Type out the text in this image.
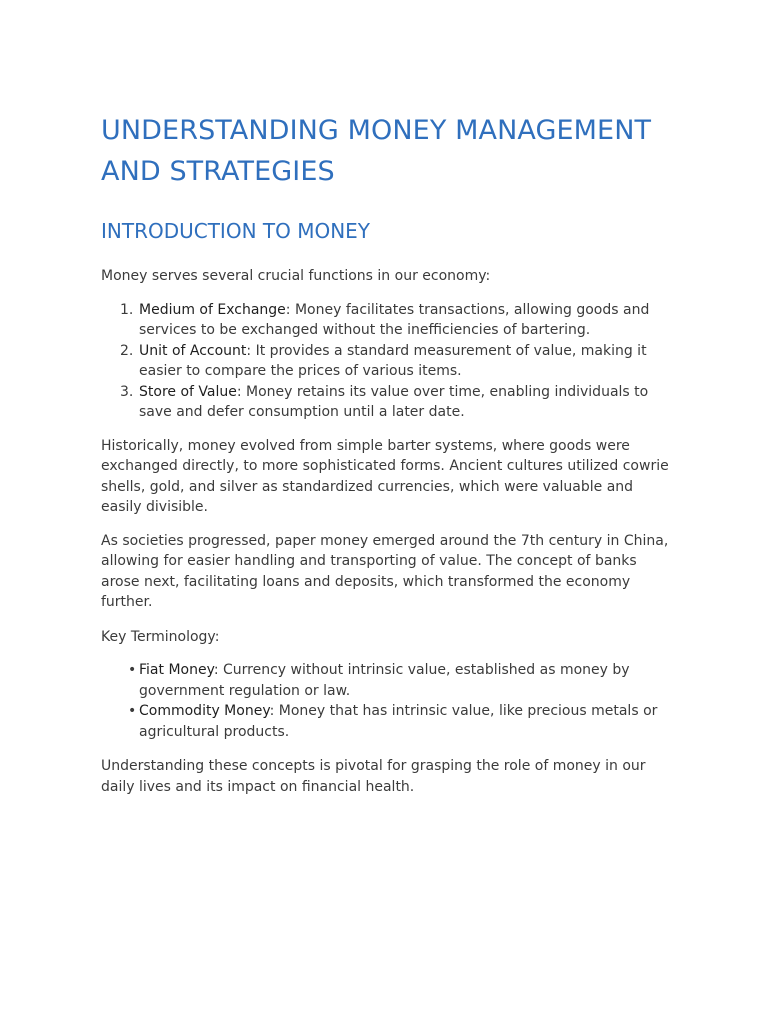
UNDERSTANDING MONEY MANAGEMENT AND STRATEGIES
INTRODUCTION TO MONEY

Money serves several crucial functions in our economy:

1. Medium of Exchange: Money facilitates transactions, allowing goods and services to be exchanged without the inefficiencies of bartering.
2. Unit of Account: It provides a standard measurement of value, making it easier to compare the prices of various items.
3. Store of Value: Money retains its value over time, enabling individuals to save and defer consumption until a later date.

Historically, money evolved from simple barter systems, where goods were exchanged directly, to more sophisticated forms. Ancient cultures utilized cowrie shells, gold, and silver as standardized currencies, which were valuable and easily divisible.

As societies progressed, paper money emerged around the 7th century in China, allowing for easier handling and transporting of value. The concept of banks arose next, facilitating loans and deposits, which transformed the economy further.

Key Terminology:

• Fiat Money: Currency without intrinsic value, established as money by government regulation or law.
• Commodity Money: Money that has intrinsic value, like precious metals or agricultural products.

Understanding these concepts is pivotal for grasping the role of money in our daily lives and its impact on financial health.
